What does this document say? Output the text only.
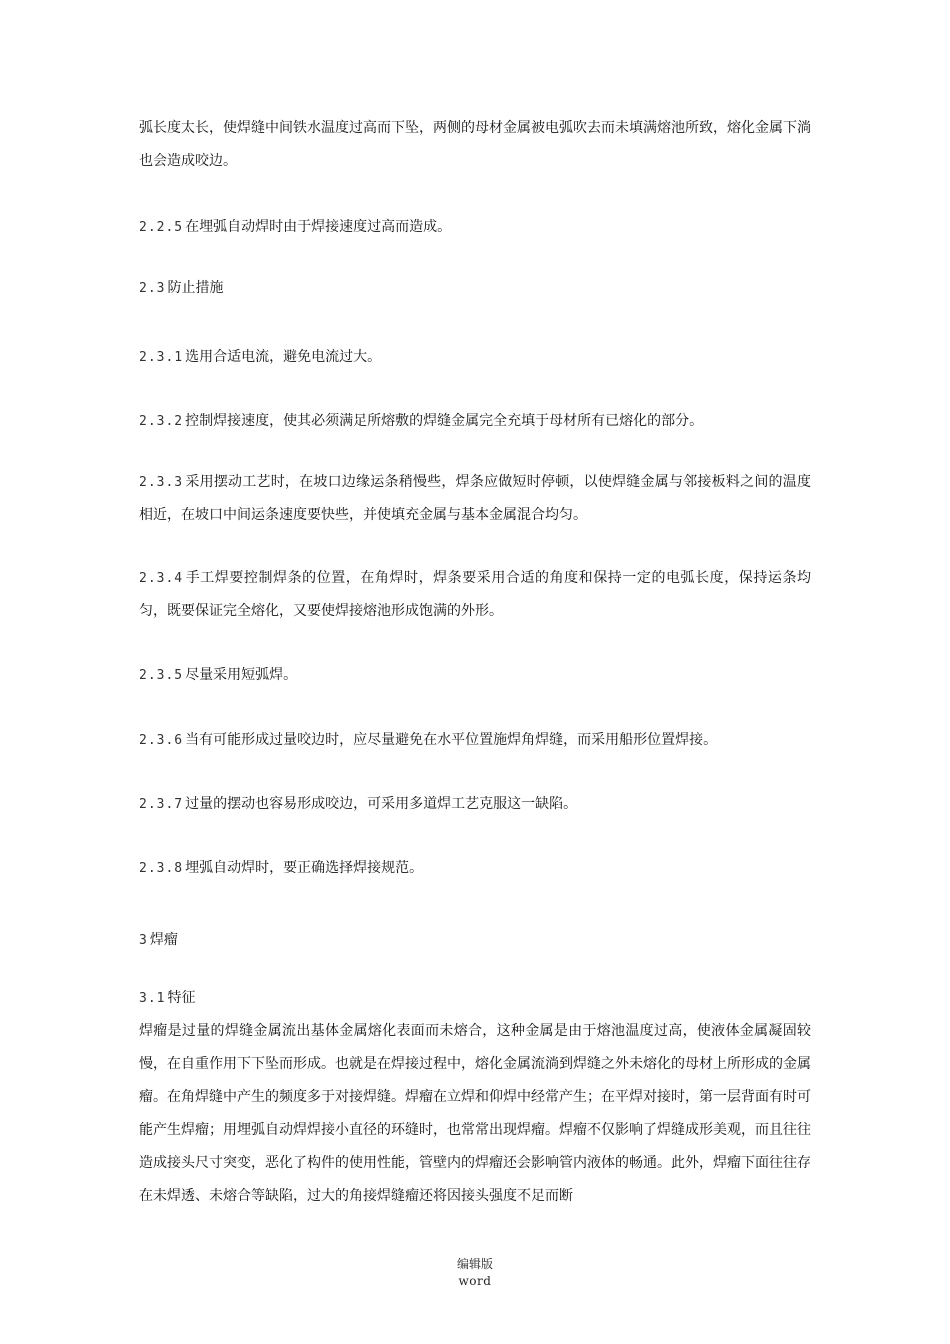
弧长度太长，使焊缝中间铁水温度过高而下坠，两侧的母材金属被电弧吹去而未填满熔池所致，熔化金属下淌也会造成咬边。

2.2.5 在埋弧自动焊时由于焊接速度过高而造成。

2.3 防止措施

2.3.1 选用合适电流，避免电流过大。

2.3.2 控制焊接速度，使其必须满足所熔敷的焊缝金属完全充填于母材所有已熔化的部分。

2.3.3 采用摆动工艺时，在坡口边缘运条稍慢些，焊条应做短时停顿，以使焊缝金属与邻接板料之间的温度相近，在坡口中间运条速度要快些，并使填充金属与基本金属混合均匀。

2.3.4 手工焊要控制焊条的位置，在角焊时，焊条要采用合适的角度和保持一定的电弧长度，保持运条均匀，既要保证完全熔化，又要使焊接熔池形成饱满的外形。

2.3.5 尽量采用短弧焊。

2.3.6 当有可能形成过量咬边时，应尽量避免在水平位置施焊角焊缝，而采用船形位置焊接。

2.3.7 过量的摆动也容易形成咬边，可采用多道焊工艺克服这一缺陷。

2.3.8 埋弧自动焊时，要正确选择焊接规范。

3 焊瘤

3.1 特征

焊瘤是过量的焊缝金属流出基体金属熔化表面而未熔合，这种金属是由于熔池温度过高，使液体金属凝固较慢，在自重作用下下坠而形成。也就是在焊接过程中，熔化金属流淌到焊缝之外未熔化的母材上所形成的金属瘤。在角焊缝中产生的频度多于对接焊缝。焊瘤在立焊和仰焊中经常产生；在平焊对接时，第一层背面有时可能产生焊瘤；用埋弧自动焊焊接小直径的环缝时，也常常出现焊瘤。焊瘤不仅影响了焊缝成形美观，而且往往造成接头尺寸突变，恶化了构件的使用性能，管壁内的焊瘤还会影响管内液体的畅通。此外，焊瘤下面往往存在未焊透、未熔合等缺陷，过大的角接焊缝瘤还将因接头强度不足而断

编辑版
word
